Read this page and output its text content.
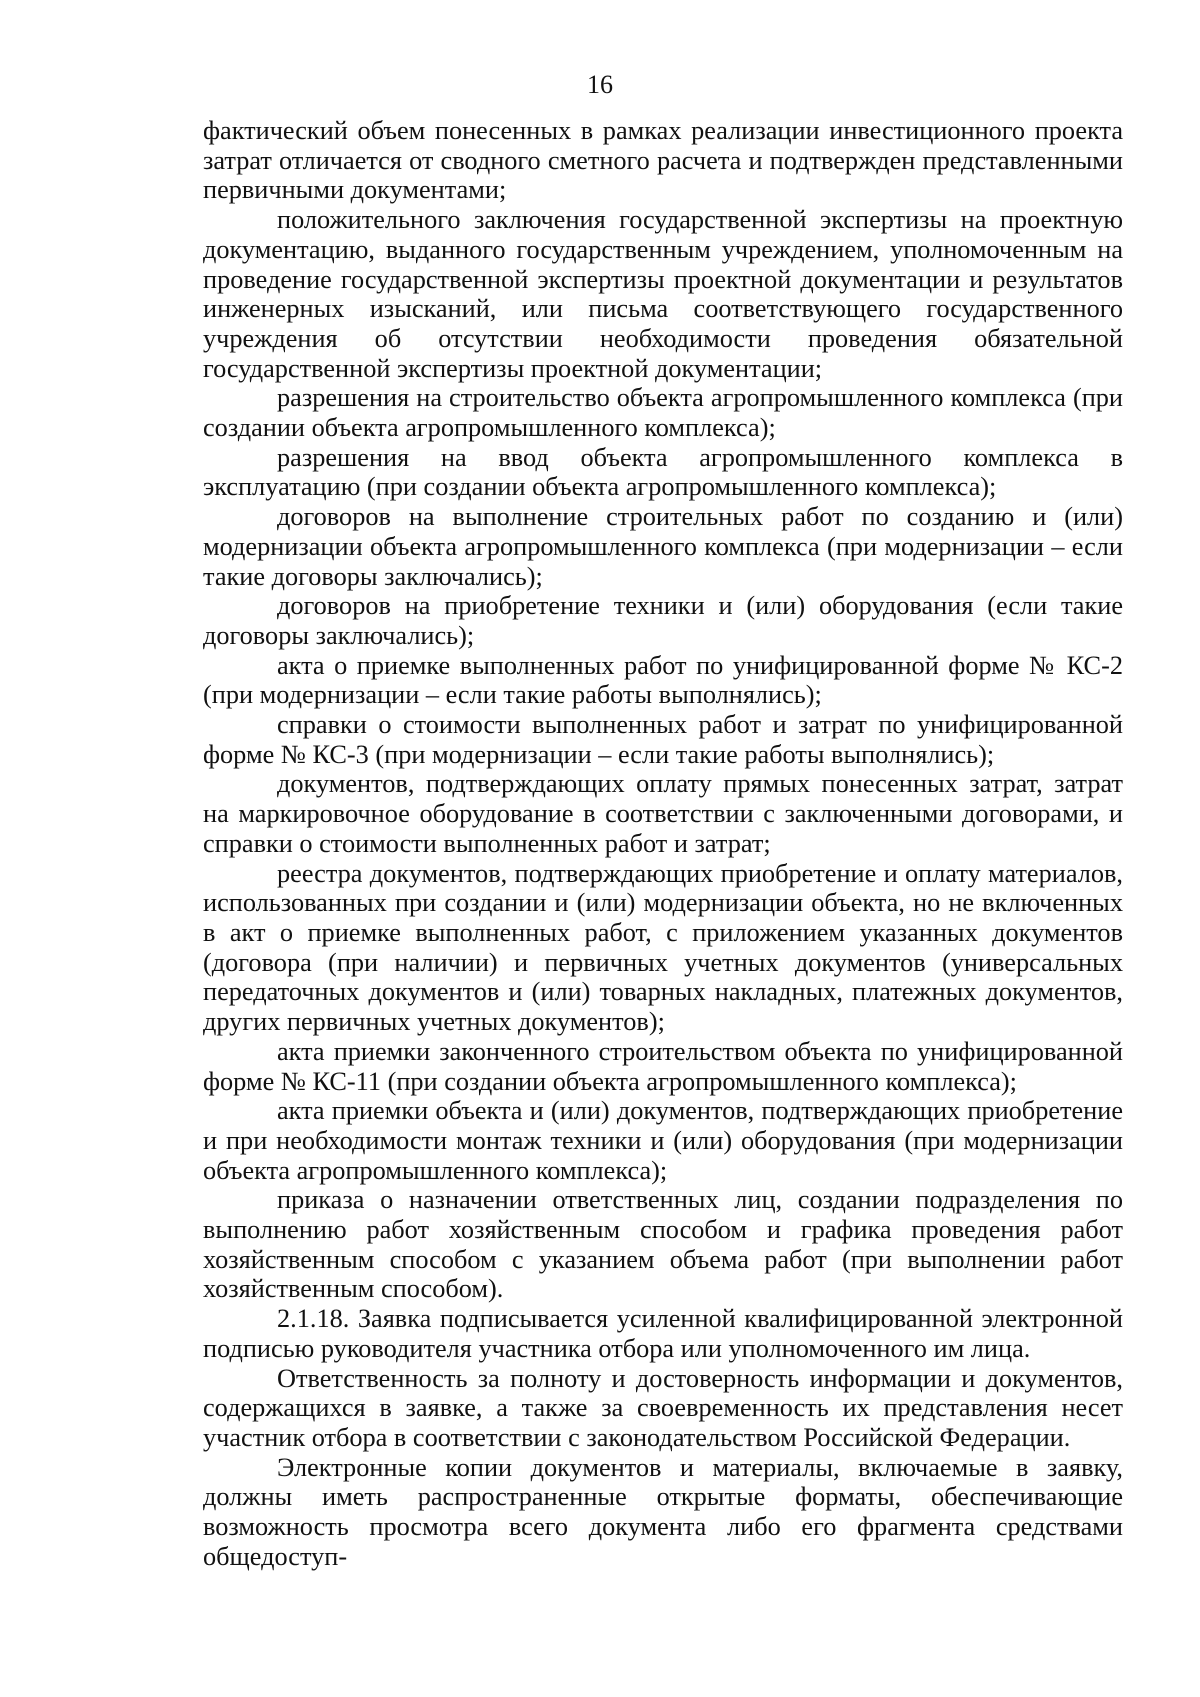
16

фактический объем понесенных в рамках реализации инвестиционного проекта затрат отличается от сводного сметного расчета и подтвержден представленными первичными документами;

положительного заключения государственной экспертизы на проектную документацию, выданного государственным учреждением, уполномоченным на проведение государственной экспертизы проектной документации и результатов инженерных изысканий, или письма соответствующего государственного учреждения об отсутствии необходимости проведения обязательной государственной экспертизы проектной документации;

разрешения на строительство объекта агропромышленного комплекса (при создании объекта агропромышленного комплекса);

разрешения на ввод объекта агропромышленного комплекса в эксплуатацию (при создании объекта агропромышленного комплекса);

договоров на выполнение строительных работ по созданию и (или) модернизации объекта агропромышленного комплекса (при модернизации – если такие договоры заключались);

договоров на приобретение техники и (или) оборудования (если такие договоры заключались);

акта о приемке выполненных работ по унифицированной форме № КС-2 (при модернизации – если такие работы выполнялись);

справки о стоимости выполненных работ и затрат по унифицированной форме № КС-3 (при модернизации – если такие работы выполнялись);

документов, подтверждающих оплату прямых понесенных затрат, затрат на маркировочное оборудование в соответствии с заключенными договорами, и справки о стоимости выполненных работ и затрат;

реестра документов, подтверждающих приобретение и оплату материалов, использованных при создании и (или) модернизации объекта, но не включенных в акт о приемке выполненных работ, с приложением указанных документов (договора (при наличии) и первичных учетных документов (универсальных передаточных документов и (или) товарных накладных, платежных документов, других первичных учетных документов);

акта приемки законченного строительством объекта по унифицированной форме № КС-11 (при создании объекта агропромышленного комплекса);

акта приемки объекта и (или) документов, подтверждающих приобретение и при необходимости монтаж техники и (или) оборудования (при модернизации объекта агропромышленного комплекса);

приказа о назначении ответственных лиц, создании подразделения по выполнению работ хозяйственным способом и графика проведения работ хозяйственным способом с указанием объема работ (при выполнении работ хозяйственным способом).

2.1.18. Заявка подписывается усиленной квалифицированной электронной подписью руководителя участника отбора или уполномоченного им лица.

Ответственность за полноту и достоверность информации и документов, содержащихся в заявке, а также за своевременность их представления несет участник отбора в соответствии с законодательством Российской Федерации.

Электронные копии документов и материалы, включаемые в заявку, должны иметь распространенные открытые форматы, обеспечивающие возможность просмотра всего документа либо его фрагмента средствами общедоступ-
